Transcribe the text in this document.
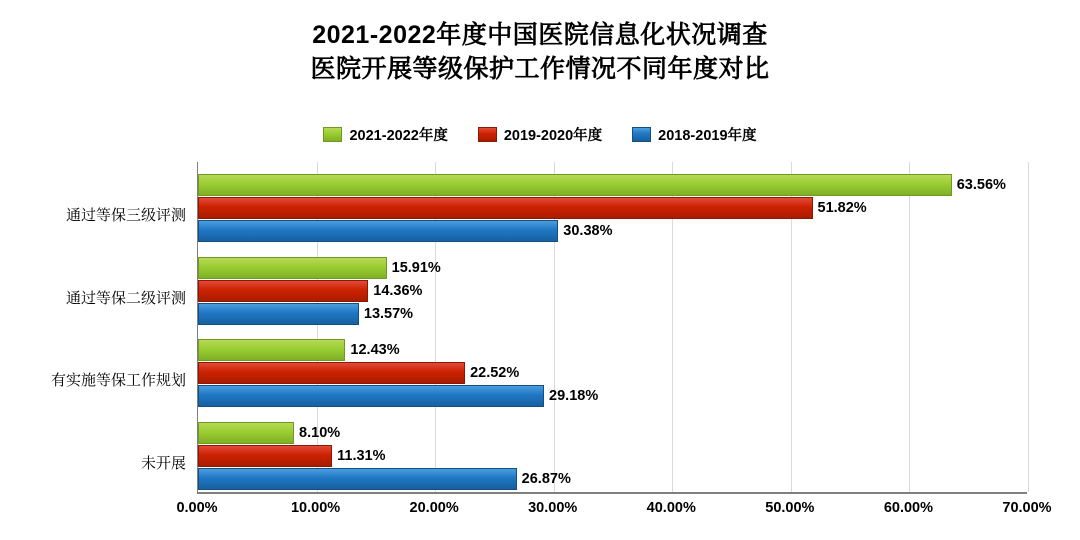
2021-2022年度中国医院信息化状况调查
医院开展等级保护工作情况不同年度对比
2021-2022年度	2019-2020年度	2018-2019年度
63.56%
51.82%
30.38%
15.91%
14.36%
13.57%
12.43%
22.52%
29.18%
8.10%
11.31%
26.87%
通过等保三级评测
通过等保二级评测
有实施等保工作规划
未开展
0.00%	10.00%	20.00%	30.00%	40.00%	50.00%	60.00%	70.00%
